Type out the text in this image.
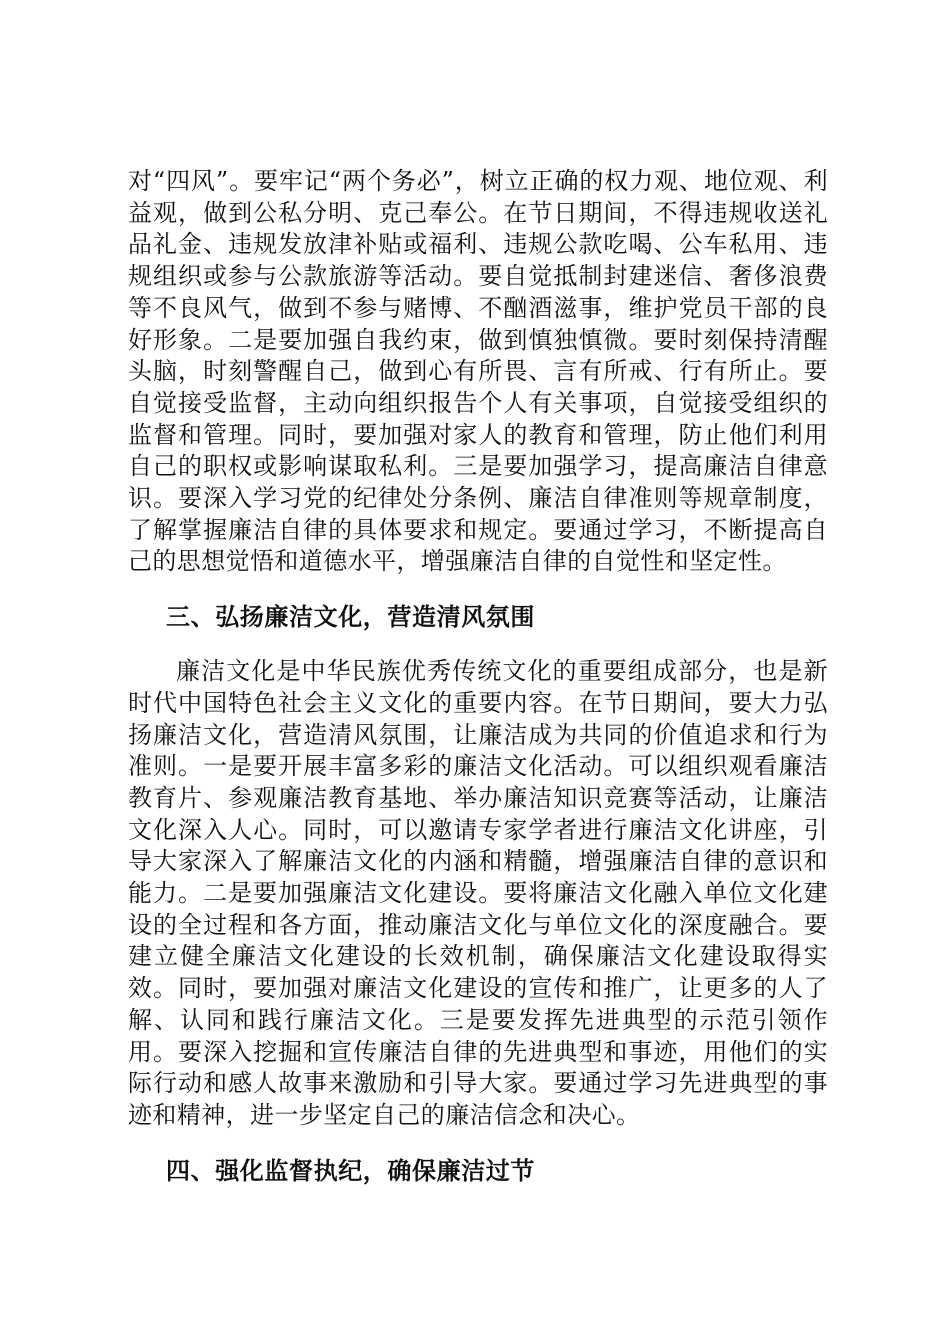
对“四风”。要牢记“两个务必”，树立正确的权力观、地位观、利益观，做到公私分明、克己奉公。在节日期间，不得违规收送礼品礼金、违规发放津补贴或福利、违规公款吃喝、公车私用、违规组织或参与公款旅游等活动。要自觉抵制封建迷信、奢侈浪费等不良风气，做到不参与赌博、不酗酒滋事，维护党员干部的良好形象。二是要加强自我约束，做到慎独慎微。要时刻保持清醒头脑，时刻警醒自己，做到心有所畏、言有所戒、行有所止。要自觉接受监督，主动向组织报告个人有关事项，自觉接受组织的监督和管理。同时，要加强对家人的教育和管理，防止他们利用自己的职权或影响谋取私利。三是要加强学习，提高廉洁自律意识。要深入学习党的纪律处分条例、廉洁自律准则等规章制度，了解掌握廉洁自律的具体要求和规定。要通过学习，不断提高自己的思想觉悟和道德水平，增强廉洁自律的自觉性和坚定性。

三、弘扬廉洁文化，营造清风氛围

廉洁文化是中华民族优秀传统文化的重要组成部分，也是新时代中国特色社会主义文化的重要内容。在节日期间，要大力弘扬廉洁文化，营造清风氛围，让廉洁成为共同的价值追求和行为准则。一是要开展丰富多彩的廉洁文化活动。可以组织观看廉洁教育片、参观廉洁教育基地、举办廉洁知识竞赛等活动，让廉洁文化深入人心。同时，可以邀请专家学者进行廉洁文化讲座，引导大家深入了解廉洁文化的内涵和精髓，增强廉洁自律的意识和能力。二是要加强廉洁文化建设。要将廉洁文化融入单位文化建设的全过程和各方面，推动廉洁文化与单位文化的深度融合。要建立健全廉洁文化建设的长效机制，确保廉洁文化建设取得实效。同时，要加强对廉洁文化建设的宣传和推广，让更多的人了解、认同和践行廉洁文化。三是要发挥先进典型的示范引领作用。要深入挖掘和宣传廉洁自律的先进典型和事迹，用他们的实际行动和感人故事来激励和引导大家。要通过学习先进典型的事迹和精神，进一步坚定自己的廉洁信念和决心。

四、强化监督执纪，确保廉洁过节
